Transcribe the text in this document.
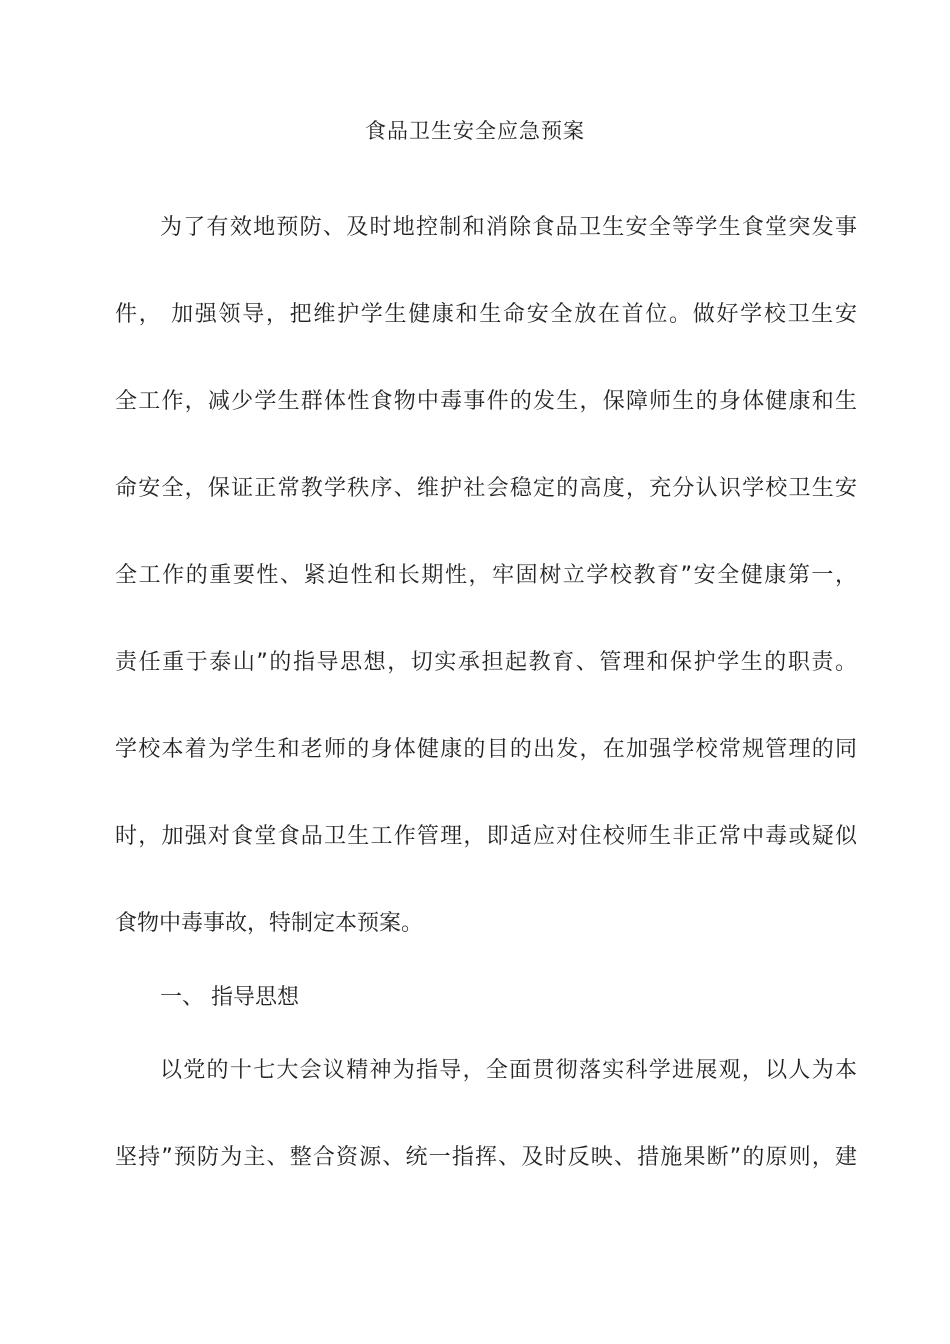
食品卫生安全应急预案
为了有效地预防、及时地控制和消除食品卫生安全等学生食堂突发事
件， 加强领导，把维护学生健康和生命安全放在首位。做好学校卫生安
全工作，减少学生群体性食物中毒事件的发生，保障师生的身体健康和生
命安全，保证正常教学秩序、维护社会稳定的高度，充分认识学校卫生安
全工作的重要性、紧迫性和长期性，牢固树立学校教育”安全健康第一，
责任重于泰山”的指导思想，切实承担起教育、管理和保护学生的职责。
学校本着为学生和老师的身体健康的目的出发，在加强学校常规管理的同
时，加强对食堂食品卫生工作管理，即适应对住校师生非正常中毒或疑似
食物中毒事故，特制定本预案。
一、 指导思想
以党的十七大会议精神为指导，全面贯彻落实科学进展观，以人为本
坚持”预防为主、整合资源、统一指挥、及时反映、措施果断”的原则，建
